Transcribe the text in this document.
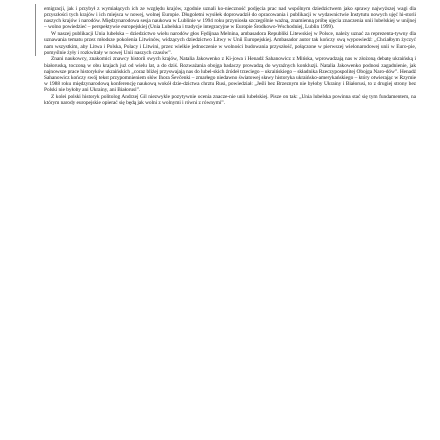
emigracji, jak i przybył z wymiałących ich ze względu krajów, zgodnie uznali ko-nieczność podjęcia prac nad wspólnym dziedzictwem jako sprawy najwyższej wagi dla przyszłości tych krajów i ich miejsca w nowej, wolnej Europie. Długoletni wysiłek doprowadził do opracowania i publikacji w wydawnictwie Instytutu nowych ujęć hi-storii naszych krajów i narodów. Międzynarodowa sesja naukowa w Lublinie w 1994 roku przyniosła szczególnie ważną, znamienną próbę ujęcia znaczenia unii lubelskiej w unijnej – wolno powiedzieć – perspektywie europejskiej (Unia Lubelska i tradycje integracyjne w Europie Środkowo-Wschodniej, Lublin 1999).

W naszej publikacji Unia lubelska – dziedzictwo wielu narodów głos Fędijnaa Melnina, ambasadora Republiki Litewskiej w Polsce, należy uznać za reprezenta-tywny dla uznawania tematu przez młodsze pokolenia Litwinów, widzących dziedzictwo Litwy w Unii Europejskiej. Ambasador autor tak kończy swą wypowiedź: „Chciałbym życzyć nam wszystkim, aby Litwa i Polska, Polacy i Litwini, przez wielkie jednoczenie w wolności budowania przyszłość, połączone w pierwszej wielonarodowej unii w Euro-pie, pomyślnie żyły i rozkwitały w nowej Unii naszych czasów”.

Znani naukowcy, znakomici znawcy historii swych krajów, Natalia Jakowenko z Ki-jowa i Henadź Sahanowicz z Mińska, wprowadzają nas w złożoną debatę ukraińską i białoruską, toczoną w obu krajach już od wielu lat, a do dziś. Rozważania obojga badaczy prowadzą do wyraźnych konkluzji. Natalia Jakowenko podnosi zagadnienie, jak najnowsze prace historyków ukraińskich „coraz bliżej przyswajają nas do lubel-skich źródeł trzeciego – ukraińskiego – składnika Rzeczypospolitej Obojga Naro-dów”. Henadź Sahanowicz kończy swój tekst przypomnieniem słów Ihora Ševčenki – zmarłego niedawno światowej sławy historyka ukraińsko-amerykańskiego – który otwierając w Rzymie w 1988 roku międzynarodową konferencję naukową wokół dzie-dzictwa chrztu Rusi, powiedział: „Jeśli bez Brzeznym nie byłoby Ukrainy i Białorusi, to z drugiej strony bez Polski nie byłoby ani Ukrainy, ani Białorusi”.

Z kolei polski historyk politolog Andrzej Gil niezwykle pozytywnie ocenia znacze-nie unii lubelskiej. Pisze on tak: „Unia lubelska powinna stać się tym fundamentem, na którym narody europejskie opierać się będą jak wolni z wolnymi i równi z równymi”.
